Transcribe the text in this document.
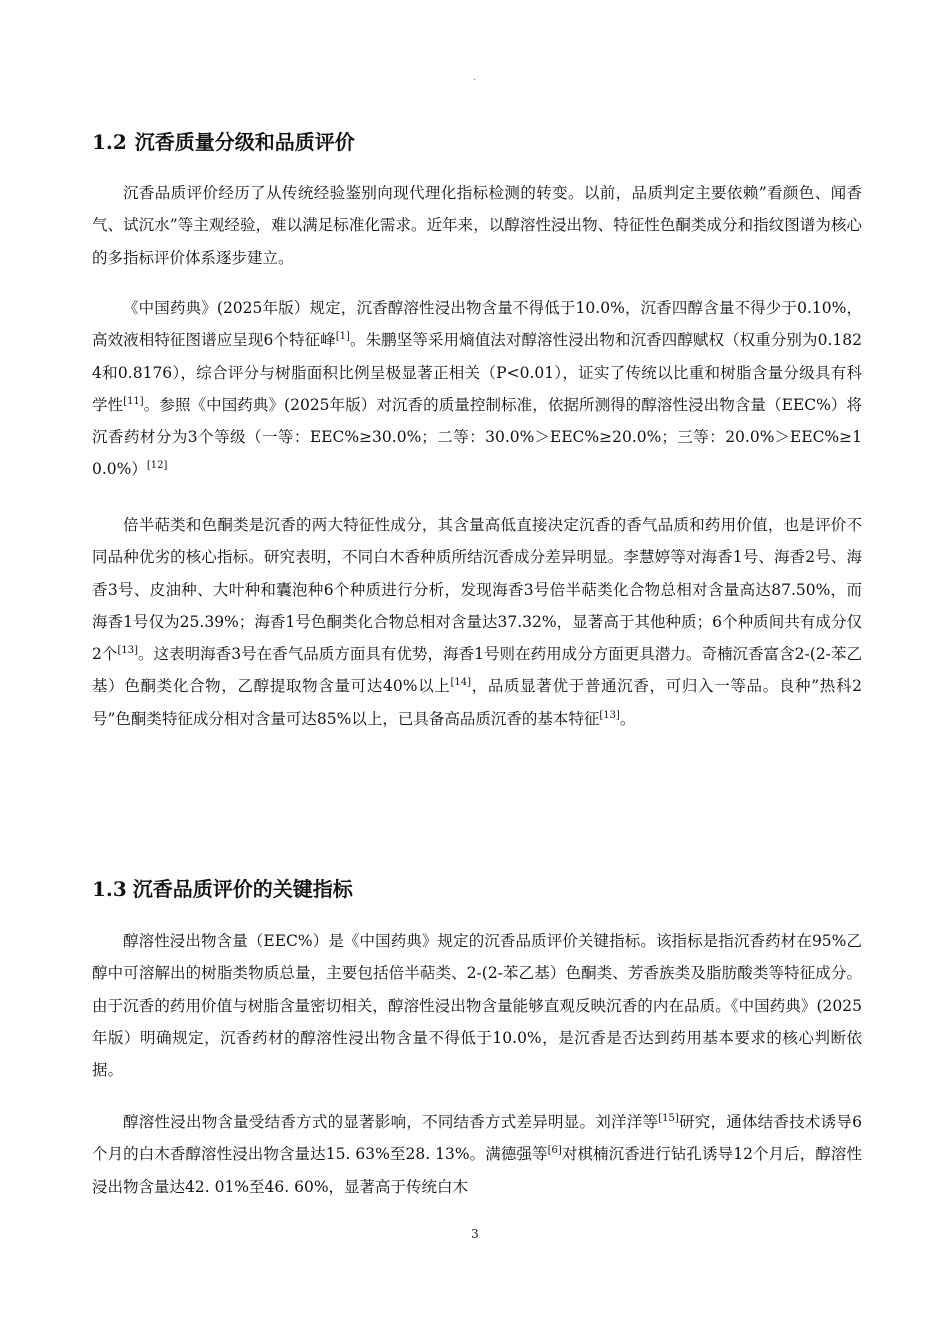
.
1.2 沉香质量分级和品质评价

沉香品质评价经历了从传统经验鉴别向现代理化指标检测的转变。以前，品质判定主要依赖”看颜色、闻香气、试沉水”等主观经验，难以满足标准化需求。近年来，以醇溶性浸出物、特征性色酮类成分和指纹图谱为核心的多指标评价体系逐步建立。

《中国药典》(2025年版）规定，沉香醇溶性浸出物含量不得低于10.0%，沉香四醇含量不得少于0.10%，高效液相特征图谱应呈现6个特征峰[1]。朱鹏坚等采用熵值法对醇溶性浸出物和沉香四醇赋权（权重分别为0.1824和0.8176），综合评分与树脂面积比例呈极显著正相关（P<0.01），证实了传统以比重和树脂含量分级具有科学性[11]。参照《中国药典》(2025年版）对沉香的质量控制标准，依据所测得的醇溶性浸出物含量（EEC%）将沉香药材分为3个等级（一等：EEC%≥30.0%；二等：30.0%＞EEC%≥20.0%；三等：20.0%＞EEC%≥10.0%）[12]

倍半萜类和色酮类是沉香的两大特征性成分，其含量高低直接决定沉香的香气品质和药用价值，也是评价不同品种优劣的核心指标。研究表明，不同白木香种质所结沉香成分差异明显。李慧婷等对海香1号、海香2号、海香3号、皮油种、大叶种和囊泡种6个种质进行分析，发现海香3号倍半萜类化合物总相对含量高达87.50%，而海香1号仅为25.39%；海香1号色酮类化合物总相对含量达37.32%，显著高于其他种质；6个种质间共有成分仅2个[13]。这表明海香3号在香气品质方面具有优势，海香1号则在药用成分方面更具潜力。奇楠沉香富含2-(2-苯乙基）色酮类化合物，乙醇提取物含量可达40%以上[14]，品质显著优于普通沉香，可归入一等品。良种”热科2号”色酮类特征成分相对含量可达85%以上，已具备高品质沉香的基本特征[13]。

1.3 沉香品质评价的关键指标

醇溶性浸出物含量（EEC%）是《中国药典》规定的沉香品质评价关键指标。该指标是指沉香药材在95%乙醇中可溶解出的树脂类物质总量，主要包括倍半萜类、2-(2-苯乙基）色酮类、芳香族类及脂肪酸类等特征成分。由于沉香的药用价值与树脂含量密切相关，醇溶性浸出物含量能够直观反映沉香的内在品质。《中国药典》(2025年版）明确规定，沉香药材的醇溶性浸出物含量不得低于10.0%，是沉香是否达到药用基本要求的核心判断依据。

醇溶性浸出物含量受结香方式的显著影响，不同结香方式差异明显。刘洋洋等[15]研究，通体结香技术诱导6个月的白木香醇溶性浸出物含量达15. 63%至28. 13%。满德强等[6]对棋楠沉香进行钻孔诱导12个月后，醇溶性浸出物含量达42. 01%至46. 60%，显著高于传统白木

3
